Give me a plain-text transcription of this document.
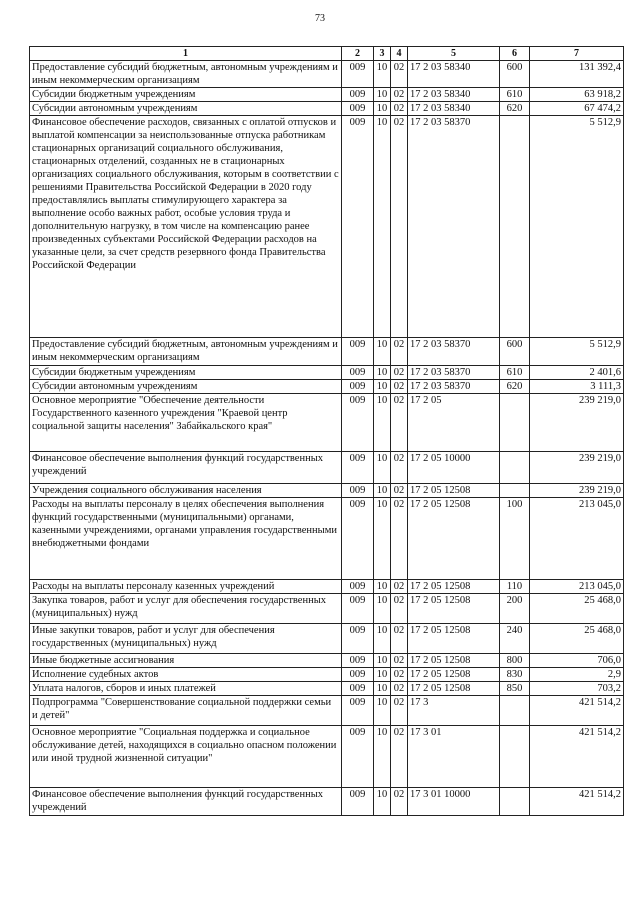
73
1	2	3	4	5	6	7
Предоставление субсидий бюджетным, автономным учреждениям и иным некоммерческим организациям	009	10	02	17 2 03 58340	600	131 392,4
Субсидии бюджетным учреждениям	009	10	02	17 2 03 58340	610	63 918,2
Субсидии автономным учреждениям	009	10	02	17 2 03 58340	620	67 474,2
Финансовое обеспечение расходов, связанных с оплатой отпусков и выплатой компенсации за неиспользованные отпуска работникам стационарных организаций социального обслуживания, стационарных отделений, созданных не в стационарных организациях социального обслуживания, которым в соответствии с решениями Правительства Российской Федерации в 2020 году предоставлялись выплаты стимулирующего характера за выполнение особо важных работ, особые условия труда и дополнительную нагрузку, в том числе на компенсацию ранее произведенных субъектами Российской Федерации расходов на указанные цели, за счет средств резервного фонда Правительства Российской Федерации	009	10	02	17 2 03 58370		5 512,9
Предоставление субсидий бюджетным, автономным учреждениям и иным некоммерческим организациям	009	10	02	17 2 03 58370	600	5 512,9
Субсидии бюджетным учреждениям	009	10	02	17 2 03 58370	610	2 401,6
Субсидии автономным учреждениям	009	10	02	17 2 03 58370	620	3 111,3
Основное мероприятие "Обеспечение деятельности Государственного казенного учреждения "Краевой центр социальной защиты населения" Забайкальского края"	009	10	02	17 2 05		239 219,0
Финансовое обеспечение выполнения функций государственных учреждений	009	10	02	17 2 05 10000		239 219,0
Учреждения социального обслуживания населения	009	10	02	17 2 05 12508		239 219,0
Расходы на выплаты персоналу в целях обеспечения выполнения функций государственными (муниципальными) органами, казенными учреждениями, органами управления государственными внебюджетными фондами	009	10	02	17 2 05 12508	100	213 045,0
Расходы на выплаты персоналу казенных учреждений	009	10	02	17 2 05 12508	110	213 045,0
Закупка товаров, работ и услуг для обеспечения государственных (муниципальных) нужд	009	10	02	17 2 05 12508	200	25 468,0
Иные закупки товаров, работ и услуг для обеспечения государственных (муниципальных) нужд	009	10	02	17 2 05 12508	240	25 468,0
Иные бюджетные ассигнования	009	10	02	17 2 05 12508	800	706,0
Исполнение судебных актов	009	10	02	17 2 05 12508	830	2,9
Уплата налогов, сборов и иных платежей	009	10	02	17 2 05 12508	850	703,2
Подпрограмма "Совершенствование социальной поддержки семьи и детей"	009	10	02	17 3		421 514,2
Основное мероприятие "Социальная поддержка и социальное обслуживание детей, находящихся в социально опасном положении или иной трудной жизненной ситуации"	009	10	02	17 3 01		421 514,2
Финансовое обеспечение выполнения функций государственных учреждений	009	10	02	17 3 01 10000		421 514,2
